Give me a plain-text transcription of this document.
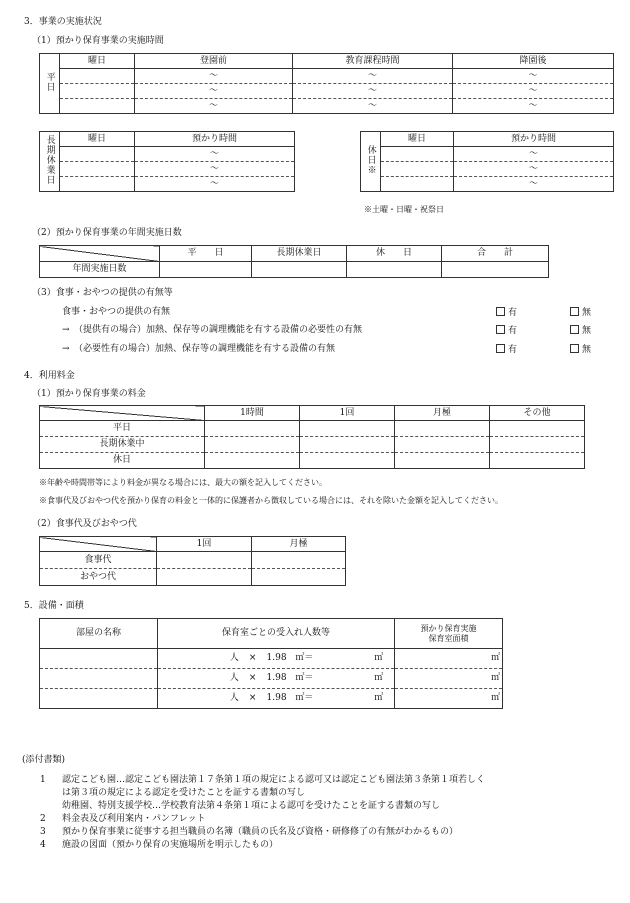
3．事業の実施状況
（1）預かり保育事業の実施時間
平日	曜日	登園前	教育課程時間	降園後
		～	～	～
		～	～	～
		～	～	～
長期休業日	曜日	預かり時間
		～
		～
		～
休日※	曜日	預かり時間
		～
		～
		～
※土曜・日曜・祝祭日
（2）預かり保育事業の年間実施日数
	平　　日	長期休業日	休　　日	合　　計
年間実施日数				
（3）食事・おやつの提供の有無等
食事・おやつの提供の有無	有	無
→　（提供有の場合）加熱、保存等の調理機能を有する設備の必要性の有無	有	無
→　（必要性有の場合）加熱、保存等の調理機能を有する設備の有無	有	無
4．利用料金
（1）預かり保育事業の料金
	1時間	1回	月極	その他
平日				
長期休業中				
休日				
※年齢や時間帯等により料金が異なる場合には、最大の額を記入してください。
※食事代及びおやつ代を預かり保育の料金と一体的に保護者から徴収している場合には、それを除いた金額を記入してください。
（2）食事代及びおやつ代
	1回	月極
食事代		
おやつ代		
5．設備・面積
部屋の名称	保育室ごとの受入れ人数等	預かり保育実施
保育室面積

	人 × 1.98 ㎡＝ ㎡	㎡
	人 × 1.98 ㎡＝ ㎡	㎡
	人 × 1.98 ㎡＝ ㎡	㎡
(添付書類)
1 認定こども園…認定こども園法第１７条第１項の規定による認可又は認定こども園法第３条第１項若しく
は第３項の規定による認定を受けたことを証する書類の写し
幼稚園、特別支援学校…学校教育法第４条第１項による認可を受けたことを証する書類の写し
2 料金表及び利用案内・パンフレット
3 預かり保育事業に従事する担当職員の名簿（職員の氏名及び資格・研修修了の有無がわかるもの）
4 施設の図面（預かり保育の実施場所を明示したもの）
